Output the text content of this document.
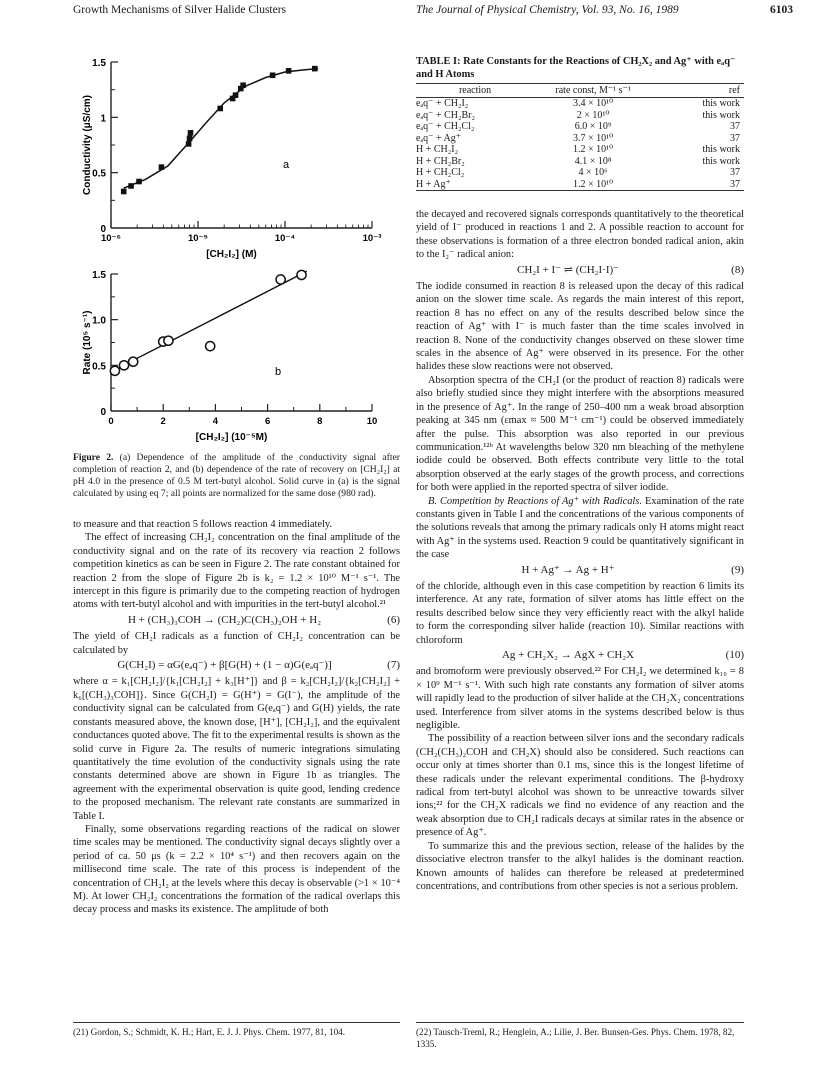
Growth Mechanisms of Silver Halide Clusters	The Journal of Physical Chemistry, Vol. 93, No. 16, 1989	6103
0
0.5
1
1.5
10⁻⁶	10⁻⁵	10⁻⁴	10⁻³
[CH₂I₂] (M)
Conductivity (μS/cm)	a
0
0.5
1.0
1.5
0	2	4	6	8	10
[CH₂I₂] (10⁻⁵M)
Rate (10⁵ s⁻¹)	b
Figure 2. (a) Dependence of the amplitude of the conductivity signal after completion of reaction 2, and (b) dependence of the rate of recovery on [CH₂I₂] at pH 4.0 in the presence of 0.5 M tert-butyl alcohol. Solid curve in (a) is the signal calculated by using eq 7; all points are normalized for the same dose (980 rad).

to measure and that reaction 5 follows reaction 4 immediately.

The effect of increasing CH₂I₂ concentration on the final amplitude of the conductivity signal and on the rate of its recovery via reaction 2 follows competition kinetics as can be seen in Figure 2. The rate constant obtained for reaction 2 from the slope of Figure 2b is k₂ = 1.2 × 10¹⁰ M⁻¹ s⁻¹. The intercept in this figure is primarily due to the competing reaction of hydrogen atoms with tert-butyl alcohol and with impurities in the tert-butyl alcohol.²¹

H + (CH₃)₃COH → (CH₂)C(CH₃)₂OH + H₂	(6)

The yield of CH₂I radicals as a function of CH₂I₂ concentration can be calculated by

G(CH₂I) = αG(eₐq⁻) + β[G(H) + (1 − α)G(eₐq⁻)]	(7)

where α = k₁[CH₂I₂]/{k₁[CH₂I₂] + k₃[H⁺]} and β = k₂[CH₂I₂]/{k₂[CH₂I₂] + k₆[(CH₃)₃COH]}. Since G(CH₂I) = G(H⁺) = G(I⁻), the amplitude of the conductivity signal can be calculated from G(eₐq⁻) and G(H) yields, the rate constants measured above, the known dose, [H⁺], [CH₂I₂], and the equivalent conductances quoted above. The fit to the experimental results is shown as the solid curve in Figure 2a. The results of numeric integrations simulating quantitatively the time evolution of the conductivity signals using the rate constants determined above are shown in Figure 1b as triangles. The agreement with the experimental observation is quite good, lending credence to the proposed mechanism. The relevant rate constants are summarized in Table I.

Finally, some observations regarding reactions of the radical on slower time scales may be mentioned. The conductivity signal decays slightly over a period of ca. 50 μs (k = 2.2 × 10⁴ s⁻¹) and then recovers again on the millisecond time scale. The rate of this process is independent of the concentration of CH₂I₂ at the levels where this decay is observable (>1 × 10⁻⁴ M). At lower CH₂I₂ concentrations the formation of the radical overlaps this decay process and masks its existence. The amplitude of both

(21) Gordon, S.; Schmidt, K. H.; Hart, E. J. J. Phys. Chem. 1977, 81, 104.
TABLE I: Rate Constants for the Reactions of CH₂X₂ and Ag⁺ with eₐq⁻ and H Atoms
reaction	rate const, M⁻¹ s⁻¹	ref
eₐq⁻ + CH₂I₂	3.4 × 10¹⁰	this work
eₐq⁻ + CH₂Br₂	2 × 10¹⁰	this work
eₐq⁻ + CH₂Cl₂	6.0 × 10⁹	37
eₐq⁻ + Ag⁺	3.7 × 10¹⁰	37
H + CH₂I₂	1.2 × 10¹⁰	this work
H + CH₂Br₂	4.1 × 10⁸	this work
H + CH₂Cl₂	4 × 10⁶	37
H + Ag⁺	1.2 × 10¹⁰	37

the decayed and recovered signals corresponds quantitatively to the theoretical yield of I⁻ produced in reactions 1 and 2. A possible reaction to account for these observations is formation of a three electron bonded radical anion, akin to the I₂⁻ radical anion:

CH₂I + I⁻ ⇌ (CH₂I·I)⁻	(8)

The iodide consumed in reaction 8 is released upon the decay of this radical anion on the slower time scale. As regards the main interest of this report, reaction 8 has no effect on any of the results described below since the reaction of Ag⁺ with I⁻ is much faster than the time scales involved in reaction 8. None of the conductivity changes observed on these slower time scales in the absence of Ag⁺ were observed in its presence. For the other halides these slow reactions were not observed.

Absorption spectra of the CH₂I (or the product of reaction 8) radicals were also briefly studied since they might interfere with the absorptions measured in the presence of Ag⁺. In the range of 250–400 nm a weak broad absorption peaking at 345 nm (εmax ≈ 500 M⁻¹ cm⁻¹) could be observed immediately after the pulse. This absorption was also reported in our previous communication.¹²ᵇ At wavelengths below 320 nm bleaching of the methylene iodide could be observed. Both effects contribute very little to the total absorption observed at the early stages of the growth process, and corrections for both were applied in the reported spectra of silver iodide.

B. Competition by Reactions of Ag⁺ with Radicals. Examination of the rate constants given in Table I and the concentrations of the various components of the solutions reveals that among the primary radicals only H atoms might react with Ag⁺ in the systems used. Reaction 9 could be quantitatively significant in the case

H + Ag⁺ → Ag + H⁺	(9)

of the chloride, although even in this case competition by reaction 6 limits its interference. At any rate, formation of silver atoms has little effect on the results described below since they very efficiently react with the alkyl halide to form the corresponding silver halide (reaction 10). Similar reactions with chloroform

Ag + CH₂X₂ → AgX + CH₂X	(10)

and bromoform were previously observed.²² For CH₂I₂ we determined k₁₀ = 8 × 10⁹ M⁻¹ s⁻¹. With such high rate constants any formation of silver atoms will rapidly lead to the production of silver halide at the CH₂X₂ concentrations used. Interference from silver atoms in the systems described below is thus negligible.

The possibility of a reaction between silver ions and the secondary radicals (CH₂(CH₃)₂COH and CH₂X) should also be considered. Such reactions can occur only at times shorter than 0.1 ms, since this is the longest lifetime of these radicals under the relevant experimental conditions. The β-hydroxy radical from tert-butyl alcohol was shown to be unreactive towards silver ions;²² for the CH₂X radicals we find no evidence of any reaction and the weak absorption due to CH₂I radicals decays at similar rates in the absence or presence of Ag⁺.

To summarize this and the previous section, release of the halides by the dissociative electron transfer to the alkyl halides is the dominant reaction. Known amounts of halides can therefore be released at predetermined concentrations, and contributions from other species is not a serious problem.

(22) Tausch-Treml, R.; Henglein, A.; Lilie, J. Ber. Bunsen-Ges. Phys. Chem. 1978, 82, 1335.
